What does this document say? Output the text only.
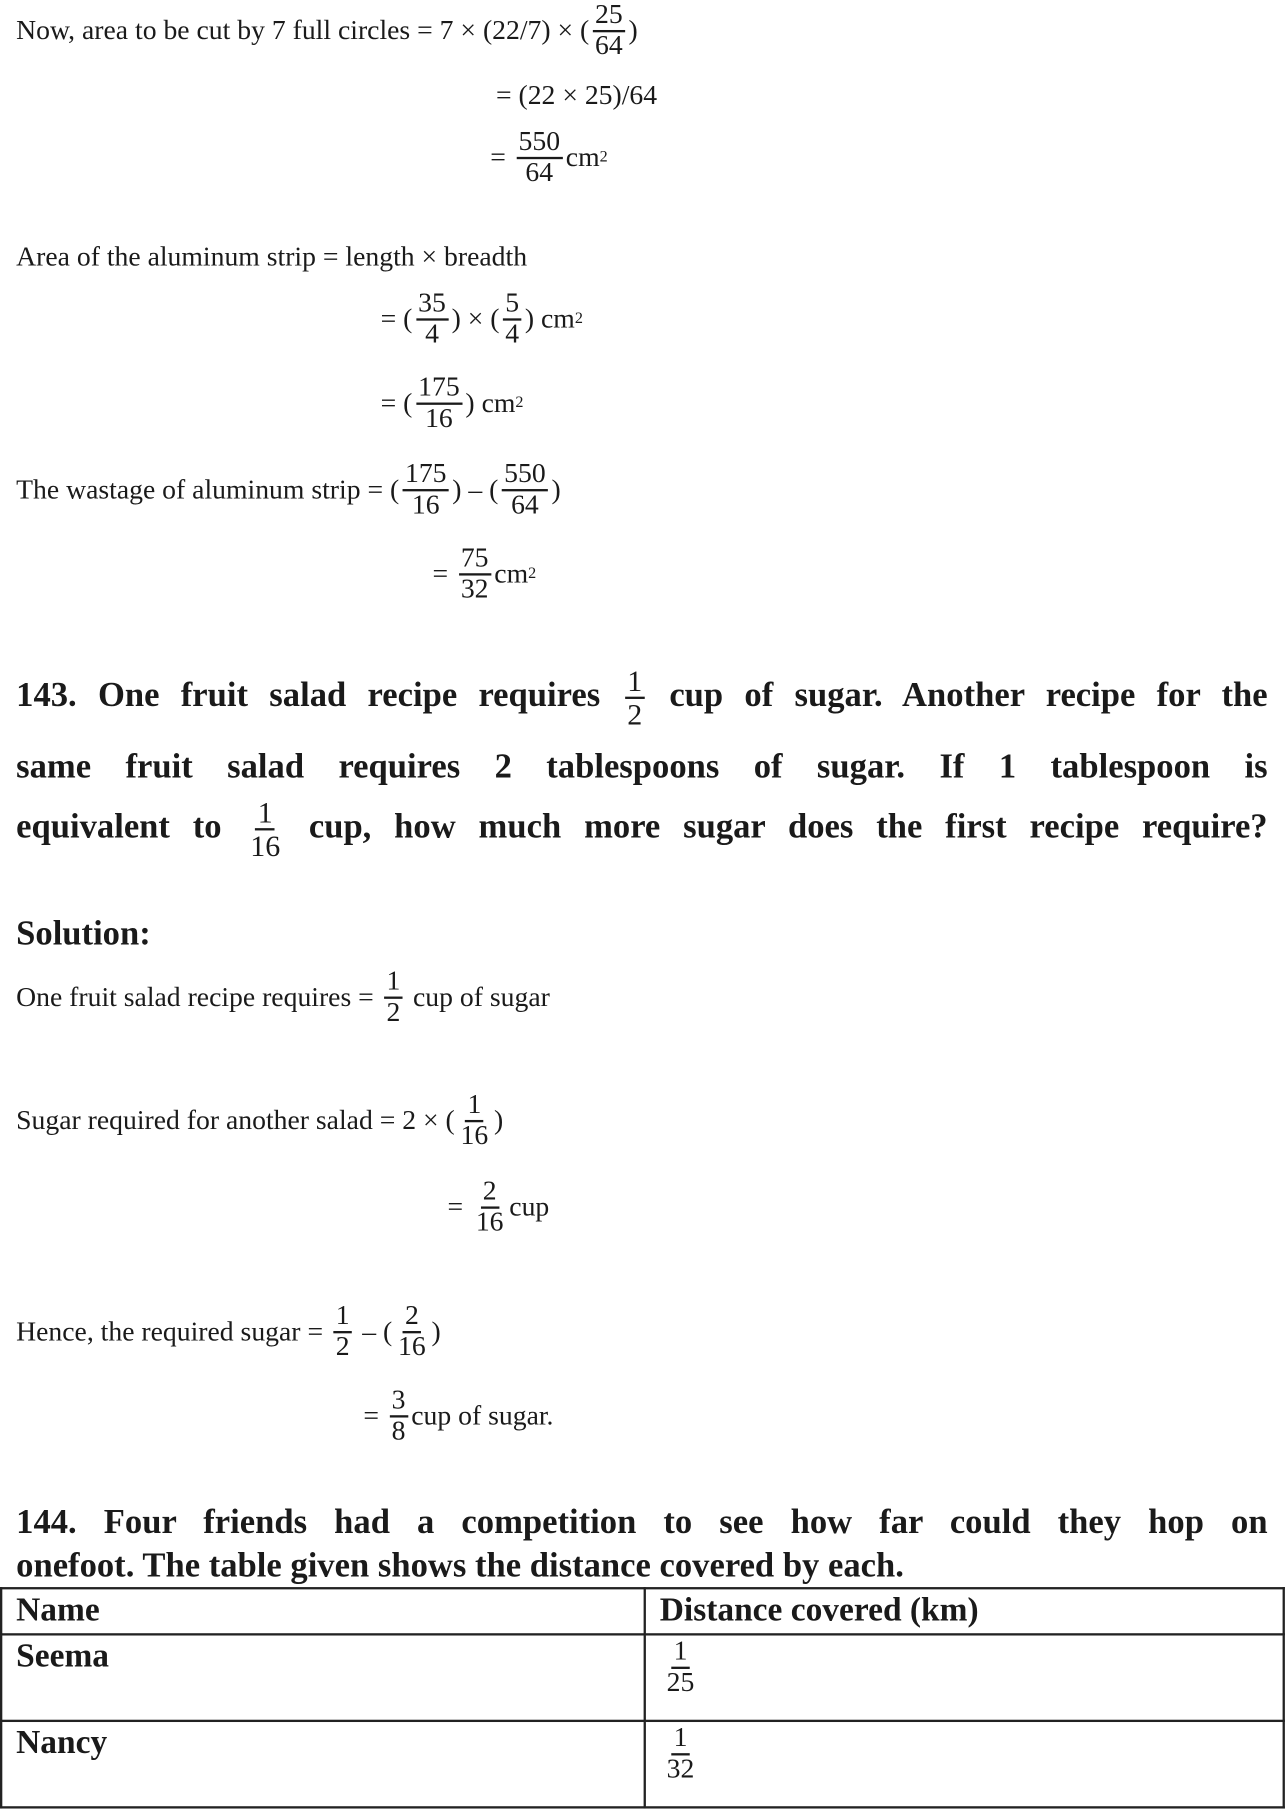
Now, area to be cut by 7 full circles = 7 × (22/7) × ( $\frac{25}{64}$ )
= (22 × 25)/64
= $\frac{550}{64}$ cm 2
Area of the aluminum strip = length × breadth
= ( $\frac{35}{4}$ ) × ( $\frac{5}{4}$ ) cm 2
= ( $\frac{175}{16}$ ) cm 2
The wastage of aluminum strip = ( $\frac{175}{16}$ ) – ( $\frac{550}{64}$ )
= $\frac{75}{32}$ cm 2
143. One fruit salad recipe requires $\frac{1}{2}$ cup of sugar. Another recipe for the
same fruit salad requires 2 tablespoons of sugar. If 1 tablespoon is
equivalent to $\frac{1}{16}$ cup, how much more sugar does the first recipe require?
Solution:
One fruit salad recipe requires = $\frac{1}{2}$ cup of sugar
Sugar required for another salad = 2 × ( $\frac{1}{16}$ )
= $\frac{2}{16}$ cup
Hence, the required sugar = $\frac{1}{2}$ – ( $\frac{2}{16}$ )
= $\frac{3}{8}$ cup of sugar.
144. Four friends had a competition to see how far could they hop on
onefoot. The table given shows the distance covered by each.
Name	Distance covered (km)
Seema	$\frac{1}{25}$

Nancy	$\frac{1}{32}$
